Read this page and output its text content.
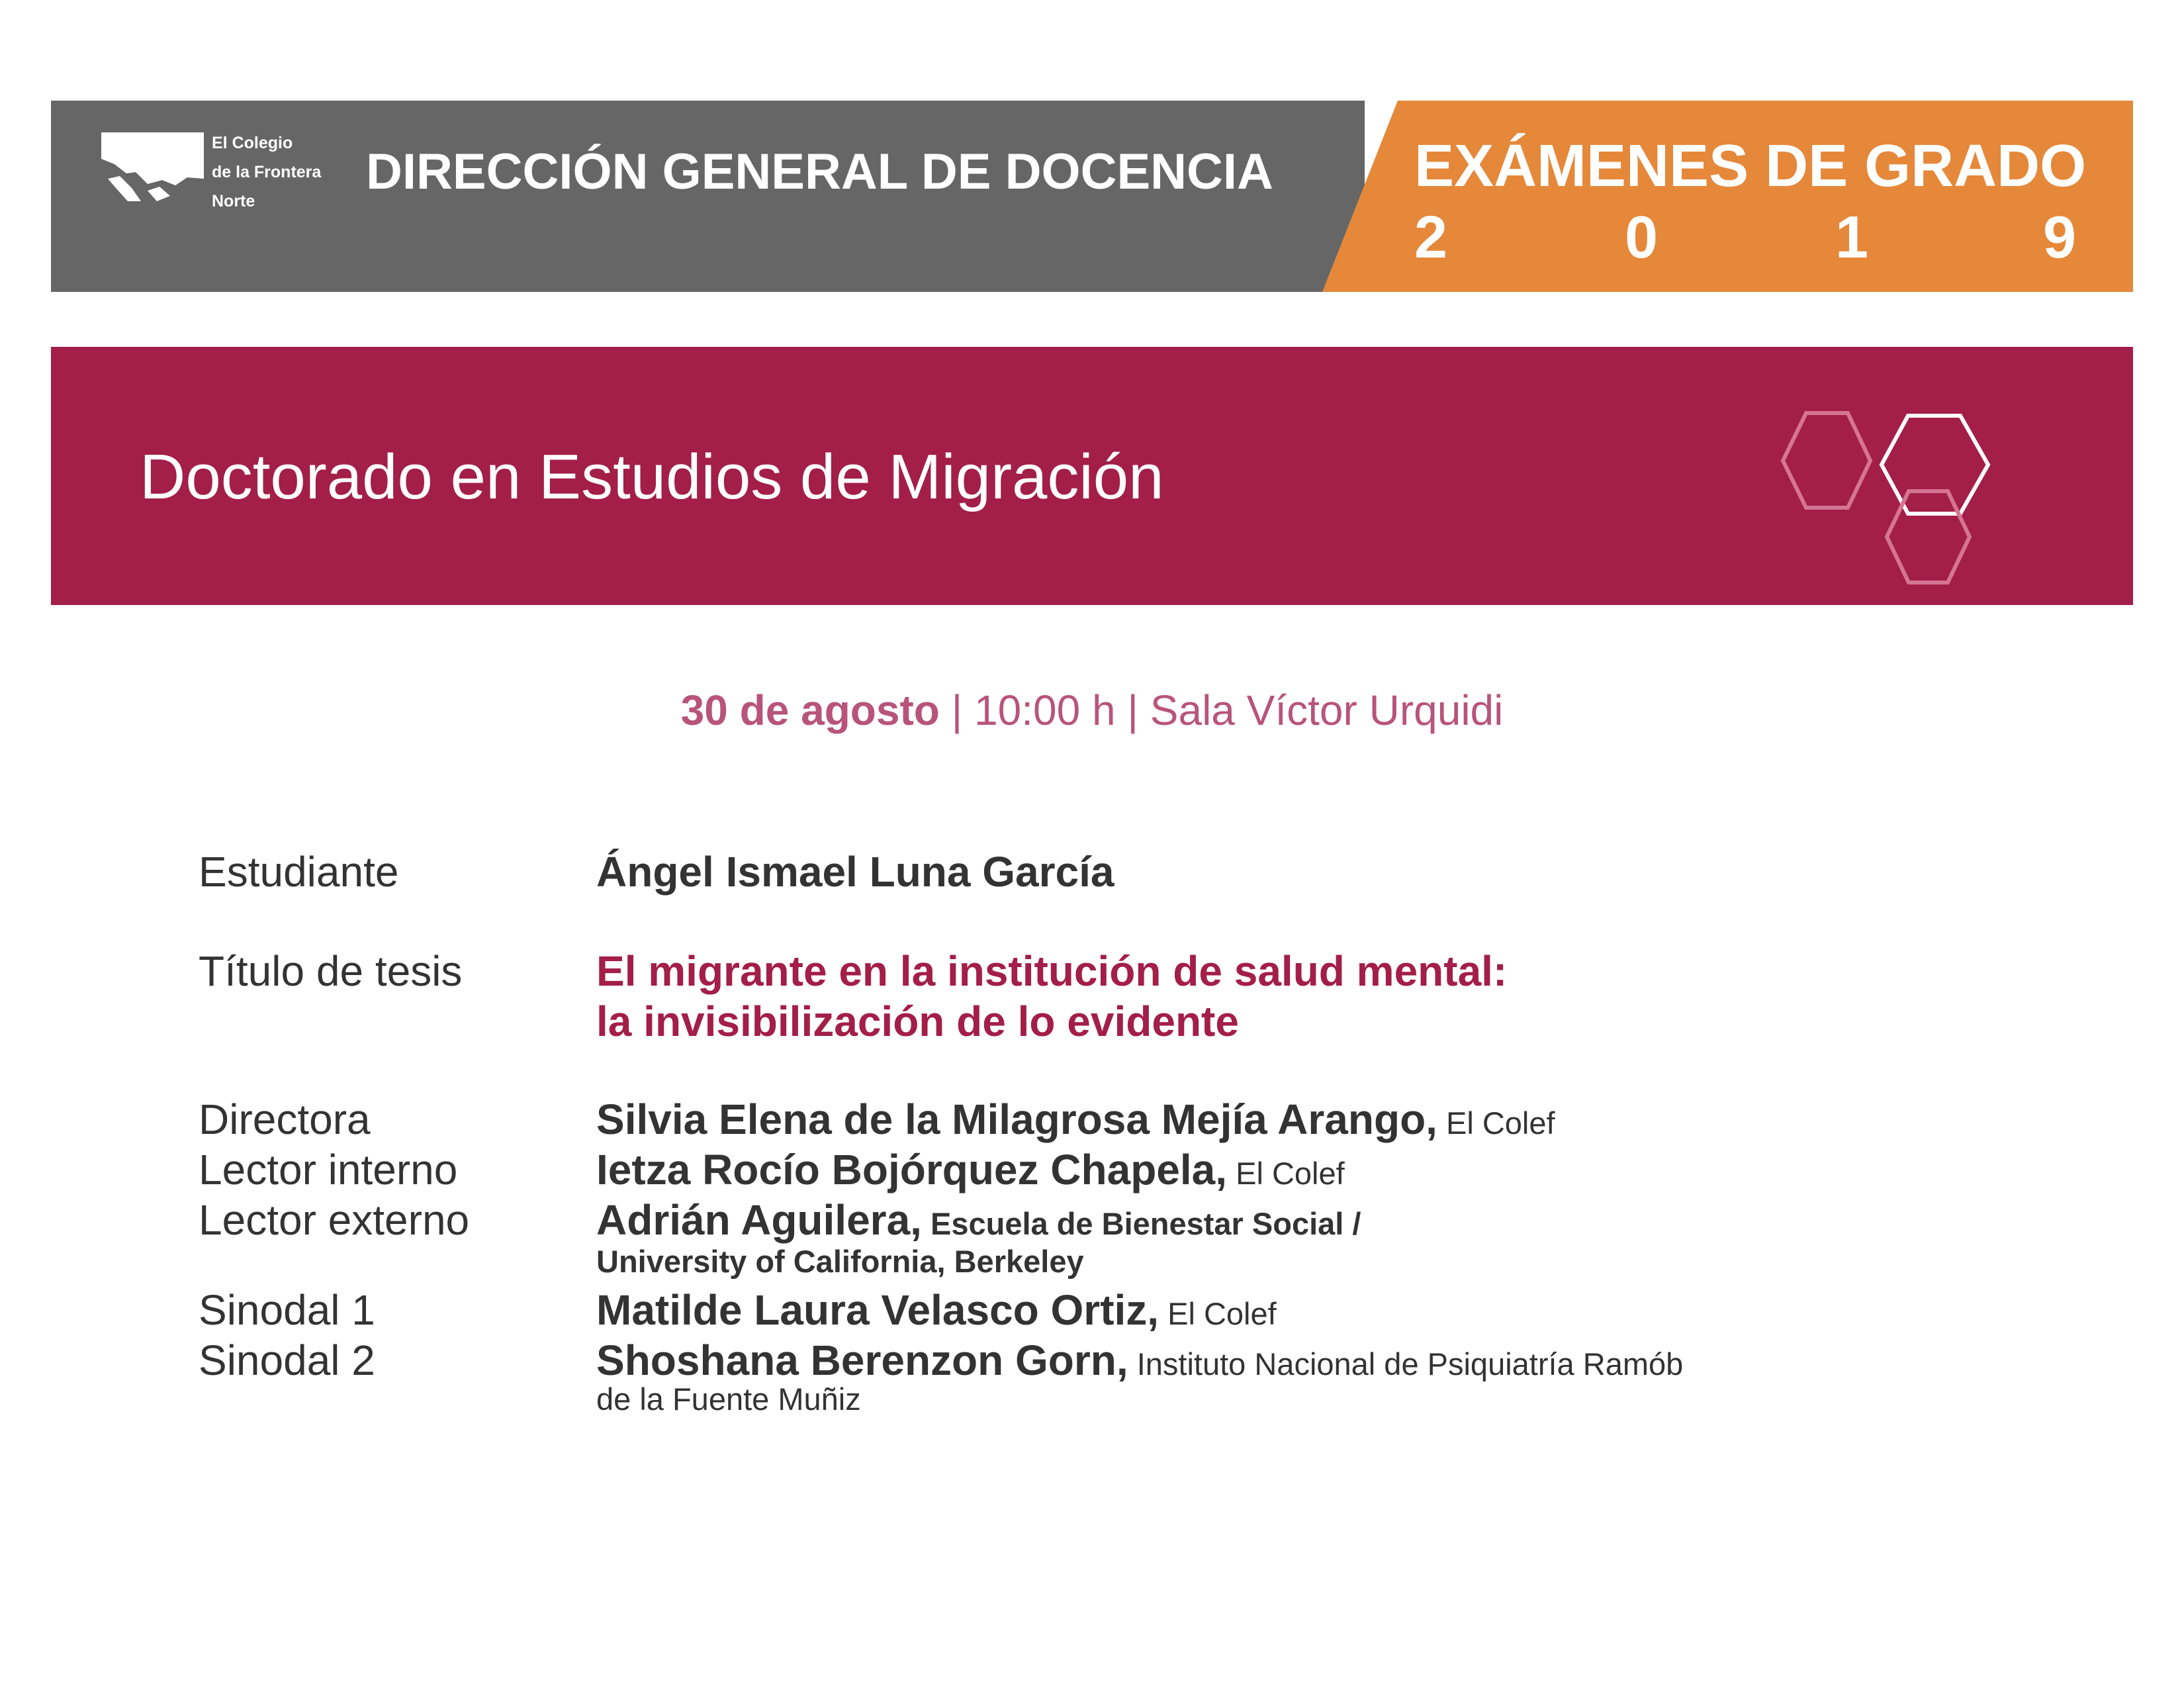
El Colegio
de la Frontera
Norte
DIRECCIÓN GENERAL DE DOCENCIA EXÁMENES DE GRADO
2	0	1	9
Doctorado en Estudios de Migración
30 de agosto | 10:00 h | Sala Víctor Urquidi
Estudiante	Ángel Ismael Luna García
Título de tesis	El migrante en la institución de salud mental:
la invisibilización de lo evidente
Directora	Silvia Elena de la Milagrosa Mejía Arango, El Colef
Lector interno	Ietza Rocío Bojórquez Chapela, El Colef
Lector externo	Adrián Aguilera, Escuela de Bienestar Social /
University of California, Berkeley
Sinodal 1	Matilde Laura Velasco Ortiz, El Colef
Sinodal 2	Shoshana Berenzon Gorn, Instituto Nacional de Psiquiatría Ramób
de la Fuente Muñiz
